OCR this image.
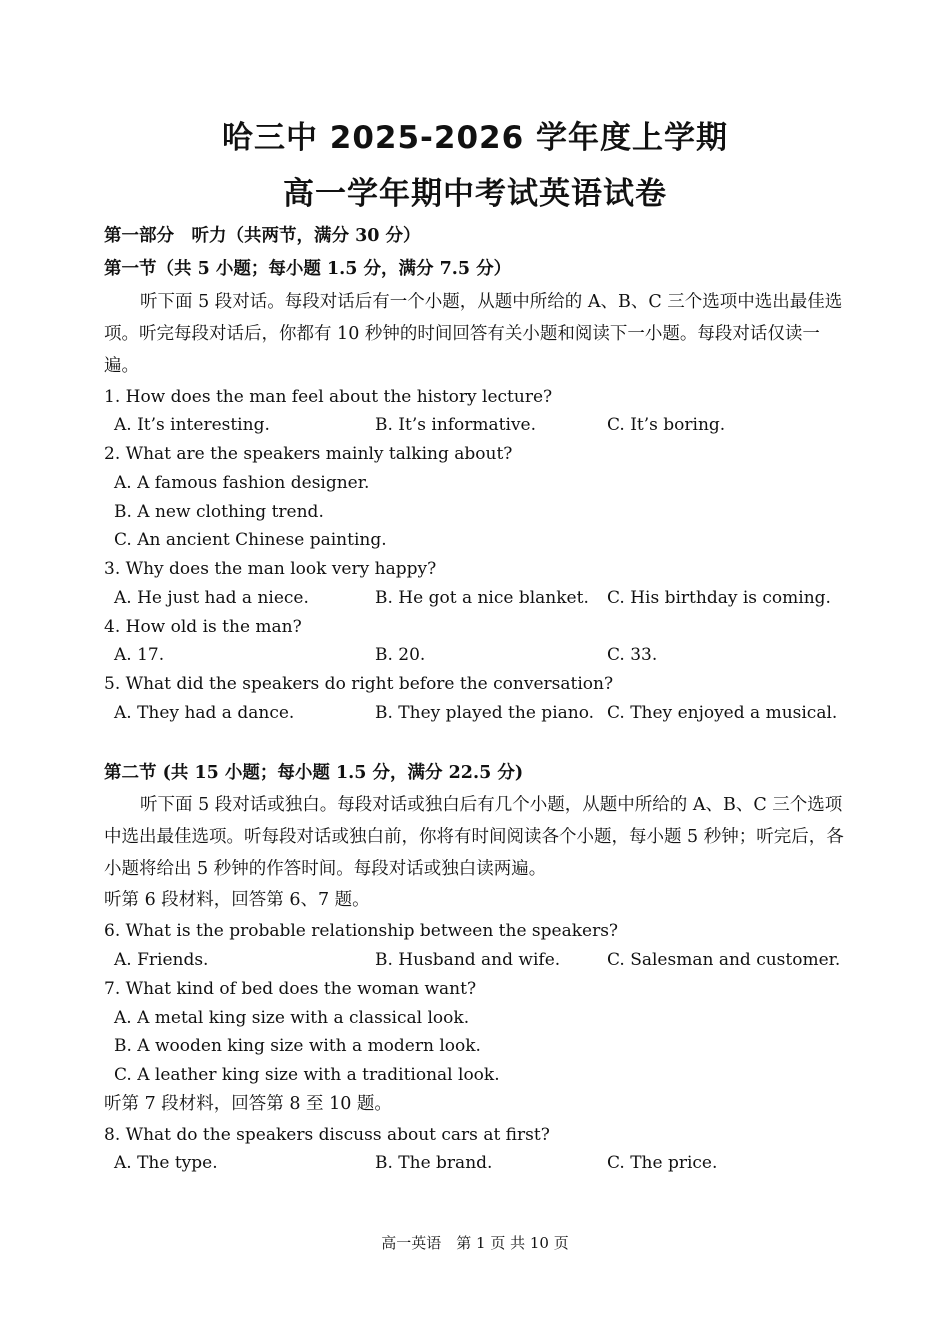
哈三中 2025-2026 学年度上学期
高一学年期中考试英语试卷
第一部分　听力（共两节，满分 30 分）
第一节（共 5 小题；每小题 1.5 分，满分 7.5 分）
听下面 5 段对话。每段对话后有一个小题，从题中所给的 A、B、C 三个选项中选出最佳选项。听完每段对话后，你都有 10 秒钟的时间回答有关小题和阅读下一小题。每段对话仅读一遍。
1. How does the man feel about the history lecture?
A. It’s interesting.	B. It’s informative.	C. It’s boring.
2. What are the speakers mainly talking about?
A. A famous fashion designer.
B. A new clothing trend.
C. An ancient Chinese painting.
3. Why does the man look very happy?
A. He just had a niece.	B. He got a nice blanket. C. His birthday is coming.
4. How old is the man?
A. 17.	B. 20.	C. 33.
5. What did the speakers do right before the conversation?
A. They had a dance.	B. They played the piano. C. They enjoyed a musical.
第二节 (共 15 小题；每小题 1.5 分，满分 22.5 分)
听下面 5 段对话或独白。每段对话或独白后有几个小题，从题中所给的 A、B、C 三个选项中选出最佳选项。听每段对话或独白前，你将有时间阅读各个小题，每小题 5 秒钟；听完后，各小题将给出 5 秒钟的作答时间。每段对话或独白读两遍。
听第 6 段材料，回答第 6、7 题。
6. What is the probable relationship between the speakers?
A. Friends.	B. Husband and wife.	C. Salesman and customer.
7. What kind of bed does the woman want?
A. A metal king size with a classical look.
B. A wooden king size with a modern look.
C. A leather king size with a traditional look.
听第 7 段材料，回答第 8 至 10 题。
8. What do the speakers discuss about cars at first?
A. The type.	B. The brand.	C. The price.
高一英语　第 1 页 共 10 页
